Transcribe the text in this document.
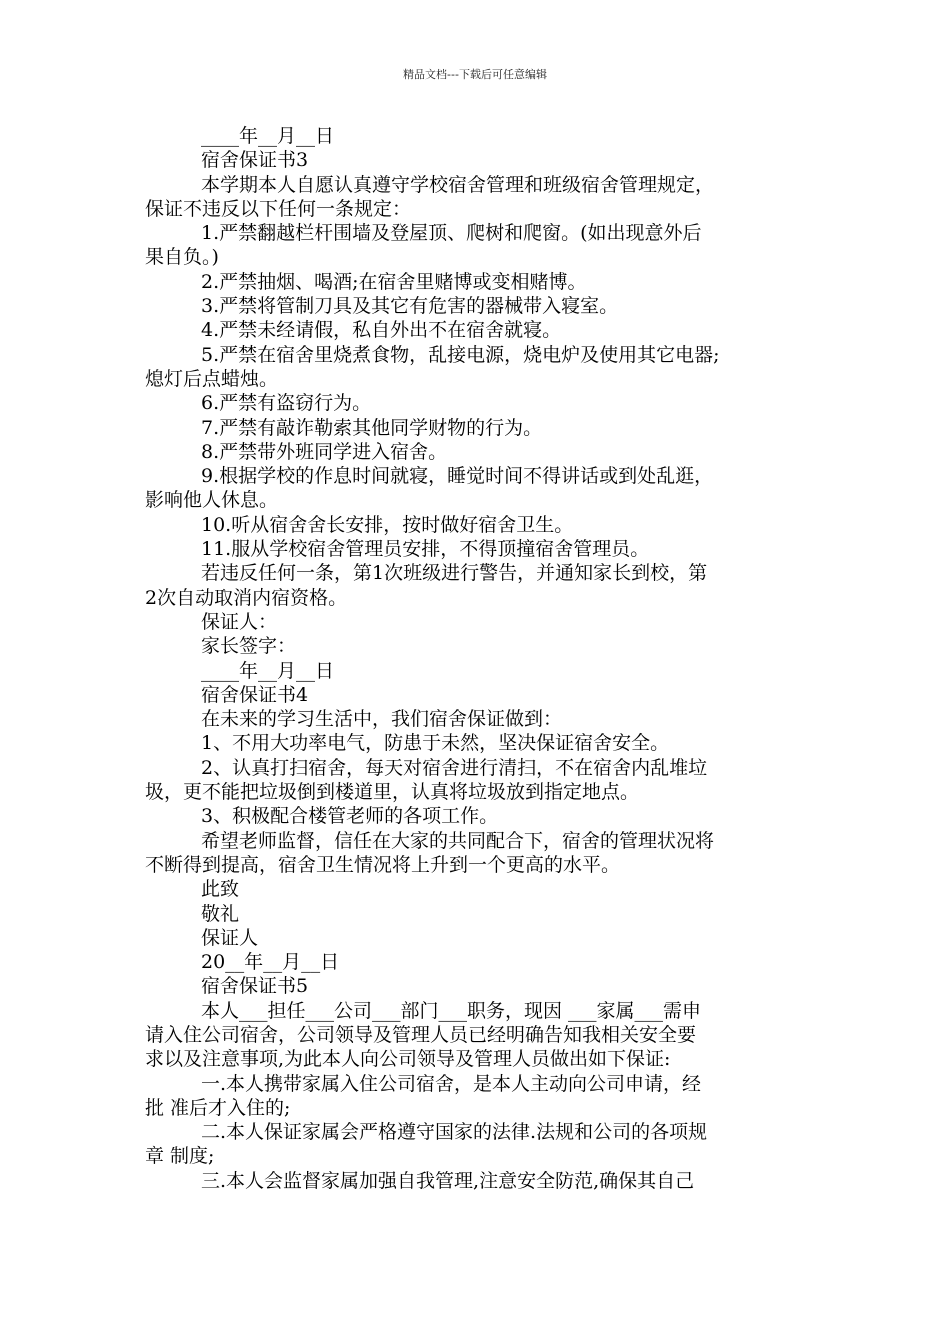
精品文档---下载后可任意编辑

____年__月__日

宿舍保证书3

本学期本人自愿认真遵守学校宿舍管理和班级宿舍管理规定，

保证不违反以下任何一条规定：

1.严禁翻越栏杆围墙及登屋顶、爬树和爬窗。(如出现意外后

果自负。)

2.严禁抽烟、喝酒;在宿舍里赌博或变相赌博。

3.严禁将管制刀具及其它有危害的器械带入寝室。

4.严禁未经请假，私自外出不在宿舍就寝。

5.严禁在宿舍里烧煮食物，乱接电源，烧电炉及使用其它电器;

熄灯后点蜡烛。

6.严禁有盗窃行为。

7.严禁有敲诈勒索其他同学财物的行为。

8.严禁带外班同学进入宿舍。

9.根据学校的作息时间就寝，睡觉时间不得讲话或到处乱逛，

影响他人休息。

10.听从宿舍舍长安排，按时做好宿舍卫生。

11.服从学校宿舍管理员安排，不得顶撞宿舍管理员。

若违反任何一条，第1次班级进行警告，并通知家长到校，第

2次自动取消内宿资格。

保证人：

家长签字：

____年__月__日

宿舍保证书4

在未来的学习生活中，我们宿舍保证做到：

1、不用大功率电气，防患于未然，坚决保证宿舍安全。

2、认真打扫宿舍，每天对宿舍进行清扫，不在宿舍内乱堆垃

圾，更不能把垃圾倒到楼道里，认真将垃圾放到指定地点。

3、积极配合楼管老师的各项工作。

希望老师监督，信任在大家的共同配合下，宿舍的管理状况将

不断得到提高，宿舍卫生情况将上升到一个更高的水平。

此致

敬礼

保证人

20__年__月__日

宿舍保证书5

本人___担任___公司___部门___职务，现因 ___家属___需申

请入住公司宿舍，公司领导及管理人员已经明确告知我相关安全要

求以及注意事项,为此本人向公司领导及管理人员做出如下保证:

一.本人携带家属入住公司宿舍，是本人主动向公司申请，经

批 准后才入住的;

二.本人保证家属会严格遵守国家的法律.法规和公司的各项规

章 制度;

三.本人会监督家属加强自我管理,注意安全防范,确保其自己
